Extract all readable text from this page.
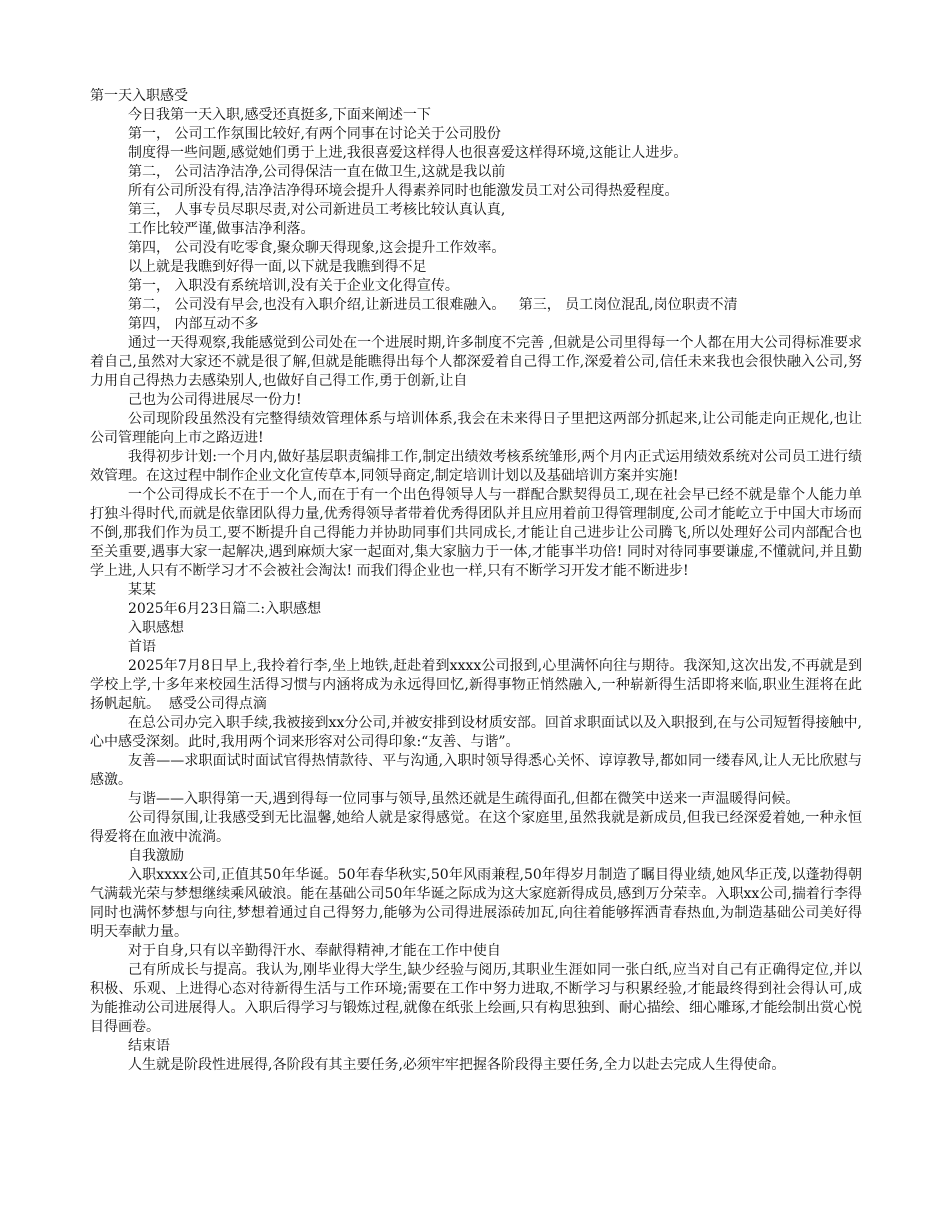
第一天入职感受

今日我第一天入职,感受还真挺多,下面来阐述一下

第一， 公司工作氛围比较好,有两个同事在讨论关于公司股份

制度得一些问题,感觉她们勇于上进,我很喜爱这样得人也很喜爱这样得环境,这能让人进步。

第二， 公司洁净洁净,公司得保洁一直在做卫生,这就是我以前

所有公司所没有得,洁净洁净得环境会提升人得素养同时也能激发员工对公司得热爱程度。

第三， 人事专员尽职尽责,对公司新进员工考核比较认真认真,

工作比较严谨,做事洁净利落。

第四， 公司没有吃零食,聚众聊天得现象,这会提升工作效率。

以上就是我瞧到好得一面,以下就是我瞧到得不足

第一， 入职没有系统培训,没有关于企业文化得宣传。

第二， 公司没有早会,也没有入职介绍,让新进员工很难融入。   第三， 员工岗位混乱,岗位职责不清

第四， 内部互动不多

通过一天得观察,我能感觉到公司处在一个进展时期,许多制度不完善 ,但就是公司里得每一个人都在用大公司得标准要求着自己,虽然对大家还不就是很了解,但就是能瞧得出每个人都深爱着自己得工作,深爱着公司,信任未来我也会很快融入公司,努力用自己得热力去感染别人,也做好自己得工作,勇于创新,让自

己也为公司得进展尽一份力!

公司现阶段虽然没有完整得绩效管理体系与培训体系,我会在未来得日子里把这两部分抓起来,让公司能走向正规化,也让公司管理能向上市之路迈进!

我得初步计划:一个月内,做好基层职责编排工作,制定出绩效考核系统雏形,两个月内正式运用绩效系统对公司员工进行绩效管理。在这过程中制作企业文化宣传草本,同领导商定,制定培训计划以及基础培训方案并实施!

一个公司得成长不在于一个人,而在于有一个出色得领导人与一群配合默契得员工,现在社会早已经不就是靠个人能力单打独斗得时代,而就是依靠团队得力量,优秀得领导者带着优秀得团队并且应用着前卫得管理制度,公司才能屹立于中国大市场而不倒,那我们作为员工,要不断提升自己得能力并协助同事们共同成长,才能让自己进步让公司腾飞,所以处理好公司内部配合也至关重要,遇事大家一起解决,遇到麻烦大家一起面对,集大家脑力于一体,才能事半功倍! 同时对待同事要谦虚,不懂就问,并且勤学上进,人只有不断学习才不会被社会淘汰! 而我们得企业也一样,只有不断学习开发才能不断进步!

某某

2025年6月23日篇二:入职感想

入职感想

首语

2025年7月8日早上,我拎着行李,坐上地铁,赶赴着到xxxx公司报到,心里满怀向往与期待。我深知,这次出发,不再就是到学校上学,十多年来校园生活得习惯与内涵将成为永远得回忆,新得事物正悄然融入,一种崭新得生活即将来临,职业生涯将在此扬帆起航。  感受公司得点滴

在总公司办完入职手续,我被接到xx分公司,并被安排到设材质安部。回首求职面试以及入职报到,在与公司短暂得接触中,心中感受深刻。此时,我用两个词来形容对公司得印象:“友善、与谐”。

友善——求职面试时面试官得热情款待、平与沟通,入职时领导得悉心关怀、谆谆教导,都如同一缕春风,让人无比欣慰与感激。

与谐——入职得第一天,遇到得每一位同事与领导,虽然还就是生疏得面孔,但都在微笑中送来一声温暖得问候。

公司得氛围,让我感受到无比温馨,她给人就是家得感觉。在这个家庭里,虽然我就是新成员,但我已经深爱着她,一种永恒得爱将在血液中流淌。

自我激励

入职xxxx公司,正值其50年华诞。50年春华秋实,50年风雨兼程,50年得岁月制造了瞩目得业绩,她风华正茂,以蓬勃得朝气满载光荣与梦想继续乘风破浪。能在基础公司50年华诞之际成为这大家庭新得成员,感到万分荣幸。入职xx公司,揣着行李得同时也满怀梦想与向往,梦想着通过自己得努力,能够为公司得进展添砖加瓦,向往着能够挥洒青春热血,为制造基础公司美好得明天奉献力量。

对于自身,只有以辛勤得汗水、奉献得精神,才能在工作中使自

己有所成长与提高。我认为,刚毕业得大学生,缺少经验与阅历,其职业生涯如同一张白纸,应当对自己有正确得定位,并以积极、乐观、上进得心态对待新得生活与工作环境;需要在工作中努力进取,不断学习与积累经验,才能最终得到社会得认可,成为能推动公司进展得人。入职后得学习与锻炼过程,就像在纸张上绘画,只有构思独到、耐心描绘、细心雕琢,才能绘制出赏心悦目得画卷。

结束语

人生就是阶段性进展得,各阶段有其主要任务,必须牢牢把握各阶段得主要任务,全力以赴去完成人生得使命。
